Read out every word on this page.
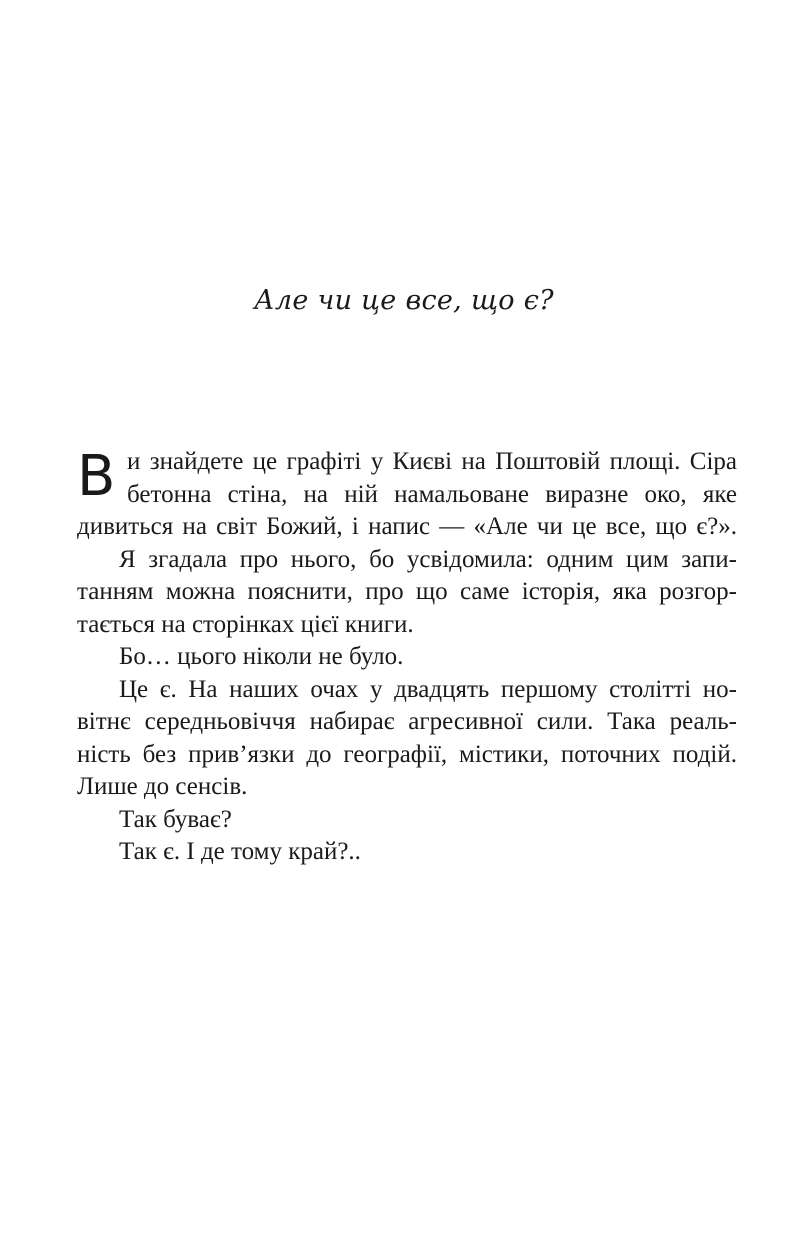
Але чи це все, що є?
В и знайдете це графіті у Києві на Поштовій площі. Сіра
бетонна стіна, на ній намальоване виразне око, яке
дивиться на світ Божий, і напис — «Але чи це все, що є?».
Я згадала про нього, бо усвідомила: одним цим запи-
танням можна пояснити, про що саме історія, яка розгор-
тається на сторінках цієї книги.
Бо… цього ніколи не було.
Це є. На наших очах у двадцять першому столітті но-
вітнє середньовіччя набирає агресивної сили. Така реаль-
ність без прив’язки до географії, містики, поточних подій.
Лише до сенсів.
Так буває?
Так є. І де тому край?..
